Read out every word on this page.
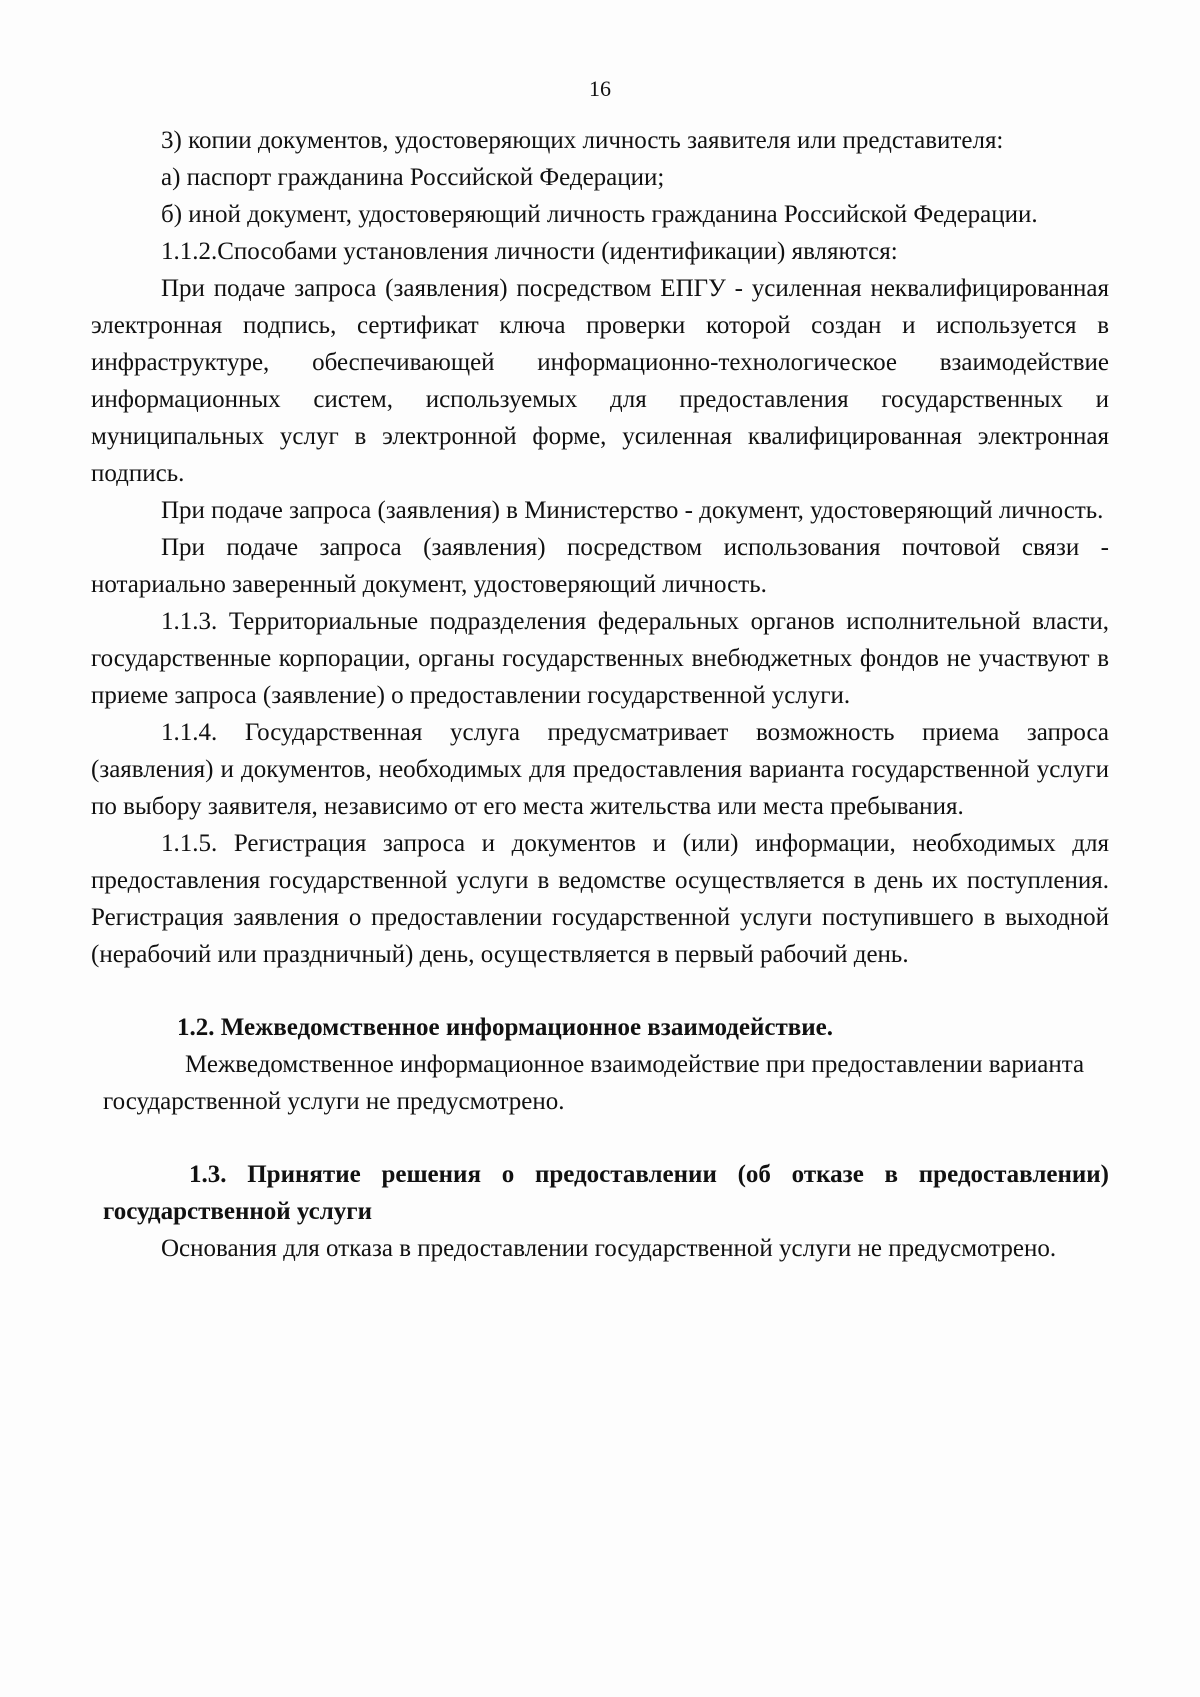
16

3) копии документов, удостоверяющих личность заявителя или представителя:

а) паспорт гражданина Российской Федерации;

б) иной документ, удостоверяющий личность гражданина Российской Федерации.

1.1.2.Способами установления личности (идентификации) являются:

При подаче запроса (заявления) посредством ЕПГУ - усиленная неквалифицированная электронная подпись, сертификат ключа проверки которой создан и используется в инфраструктуре, обеспечивающей информационно-технологическое взаимодействие информационных систем, используемых для предоставления государственных и муниципальных услуг в электронной форме, усиленная квалифицированная электронная подпись.

При подаче запроса (заявления) в Министерство - документ, удостоверяющий личность.

При подаче запроса (заявления) посредством использования почтовой связи - нотариально заверенный документ, удостоверяющий личность.

1.1.3. Территориальные подразделения федеральных органов исполнительной власти, государственные корпорации, органы государственных внебюджетных фондов не участвуют в приеме запроса (заявление) о предоставлении государственной услуги.

1.1.4. Государственная услуга предусматривает возможность приема запроса (заявления) и документов, необходимых для предоставления варианта государственной услуги по выбору заявителя, независимо от его места жительства или места пребывания.

1.1.5. Регистрация запроса и документов и (или) информации, необходимых для предоставления государственной услуги в ведомстве осуществляется в день их поступления. Регистрация заявления о предоставлении государственной услуги поступившего в выходной (нерабочий или праздничный) день, осуществляется в первый рабочий день.

1.2. Межведомственное информационное взаимодействие.

Межведомственное информационное взаимодействие при предоставлении варианта государственной услуги не предусмотрено.

1.3. Принятие решения о предоставлении (об отказе в предоставлении) государственной услуги

Основания для отказа в предоставлении государственной услуги не предусмотрено.
